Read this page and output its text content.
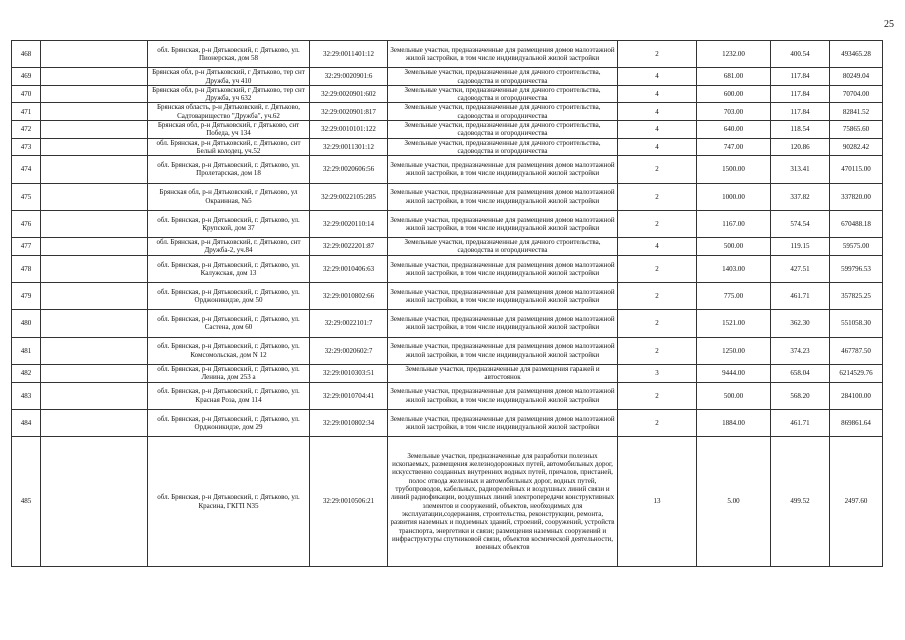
25
468		обл. Брянская, р-н Дятьковский, г. Дятьково, ул. Пионерская, дом 58	32:29:0011401:12	Земельные участки, предназначенные для размещения домов малоэтажной жилой застройки, в том числе индивидуальной жилой застройки	2	1232.00	400.54	493465.28
469		Брянская обл, р-н Дятьковский, г Дятьково, тер снт Дружба, уч 410	32:29:0020901:6	Земельные участки, предназначенные для дачного строительства, садоводства и огородничества	4	681.00	117.84	80249.04
470		Брянская обл, р-н Дятьковский, г Дятьково, тер снт Дружба, уч 632	32:29:0020901:602	Земельные участки, предназначенные для дачного строительства, садоводства и огородничества	4	600.00	117.84	70704.00
471		Брянская область, р-н Дятьковский, г. Дятьково, Садтоварищество "Дружба", уч.62	32:29:0020901:817	Земельные участки, предназначенные для дачного строительства, садоводства и огородничества	4	703.00	117.84	82841.52
472		Брянская обл, р-н Дятьковский, г Дятьково, снт Победа, уч 134	32:29:0010101:122	Земельные участки, предназначенные для дачного строительства, садоводства и огородничества	4	640.00	118.54	75865.60
473		обл. Брянская, р-н Дятьковский, г. Дятьково, снт Белый колодец, уч.52	32:29:0011301:12	Земельные участки, предназначенные для дачного строительства, садоводства и огородничества	4	747.00	120.86	90282.42
474		обл. Брянская, р-н Дятьковский, г. Дятьково, ул. Пролетарская, дом 18	32:29:0020606:56	Земельные участки, предназначенные для размещения домов малоэтажной жилой застройки, в том числе индивидуальной жилой застройки	2	1500.00	313.41	470115.00
475		Брянская обл, р-н Дятьковский, г Дятьково, ул Окраинная, №5	32:29:0022105:285	Земельные участки, предназначенные для размещения домов малоэтажной жилой застройки, в том числе индивидуальной жилой застройки	2	1000.00	337.82	337820.00
476		обл. Брянская, р-н Дятьковский, г. Дятьково, ул. Крупской, дом 37	32:29:0020110:14	Земельные участки, предназначенные для размещения домов малоэтажной жилой застройки, в том числе индивидуальной жилой застройки	2	1167.00	574.54	670488.18
477		обл. Брянская, р-н Дятьковский, г. Дятьково, снт Дружба-2, уч.84	32:29:0022201:87	Земельные участки, предназначенные для дачного строительства, садоводства и огородничества	4	500.00	119.15	59575.00
478		обл. Брянская, р-н Дятьковский, г. Дятьково, ул. Калужская, дом 13	32:29:0010406:63	Земельные участки, предназначенные для размещения домов малоэтажной жилой застройки, в том числе индивидуальной жилой застройки	2	1403.00	427.51	599796.53
479		обл. Брянская, р-н Дятьковский, г. Дятьково, ул. Орджоникидзе, дом 50	32:29:0010802:66	Земельные участки, предназначенные для размещения домов малоэтажной жилой застройки, в том числе индивидуальной жилой застройки	2	775.00	461.71	357825.25
480		обл. Брянская, р-н Дятьковский, г. Дятьково, ул. Састена, дом 60	32:29:0022101:7	Земельные участки, предназначенные для размещения домов малоэтажной жилой застройки, в том числе индивидуальной жилой застройки	2	1521.00	362.30	551058.30
481		обл. Брянская, р-н Дятьковский, г. Дятьково, ул. Комсомольская, дом N 12	32:29:0020602:7	Земельные участки, предназначенные для размещения домов малоэтажной жилой застройки, в том числе индивидуальной жилой застройки	2	1250.00	374.23	467787.50
482		обл. Брянская, р-н Дятьковский, г. Дятьково, ул. Ленина, дом 253 а	32:29:0010303:51	Земельные участки, предназначенные для размещения гаражей и автостоянок	3	9444.00	658.04	6214529.76
483		обл. Брянская, р-н Дятьковский, г. Дятьково, ул. Красная Роза, дом 114	32:29:0010704:41	Земельные участки, предназначенные для размещения домов малоэтажной жилой застройки, в том числе индивидуальной жилой застройки	2	500.00	568.20	284100.00
484		обл. Брянская, р-н Дятьковский, г. Дятьково, ул. Орджоникидзе, дом 29	32:29:0010802:34	Земельные участки, предназначенные для размещения домов малоэтажной жилой застройки, в том числе индивидуальной жилой застройки	2	1884.00	461.71	869861.64
485		обл. Брянская, р-н Дятьковский, г. Дятьково, ул. Красина, ГКГП N35	32:29:0010506:21	Земельные участки, предназначенные для разработки полезных ископаемых, размещения железнодорожных путей, автомобильных дорог, искусственно созданных внутренних водных путей, причалов, пристаней, полос отвода железных и автомобильных дорог, водных путей, трубопроводов, кабельных, радиорелейных и воздушных линий связи и линий радиофикации, воздушных линий электропередачи конструктивных элементов и сооружений, объектов, необходимых для эксплуатации,содержания, строительства, реконструкции, ремонта, развития наземных и подземных зданий, строений, сооружений, устройств транспорта, энергетики и связи; размещения наземных сооружений и инфраструктуры спутниковой связи, объектов космической деятельности, военных объектов	13	5.00	499.52	2497.60
